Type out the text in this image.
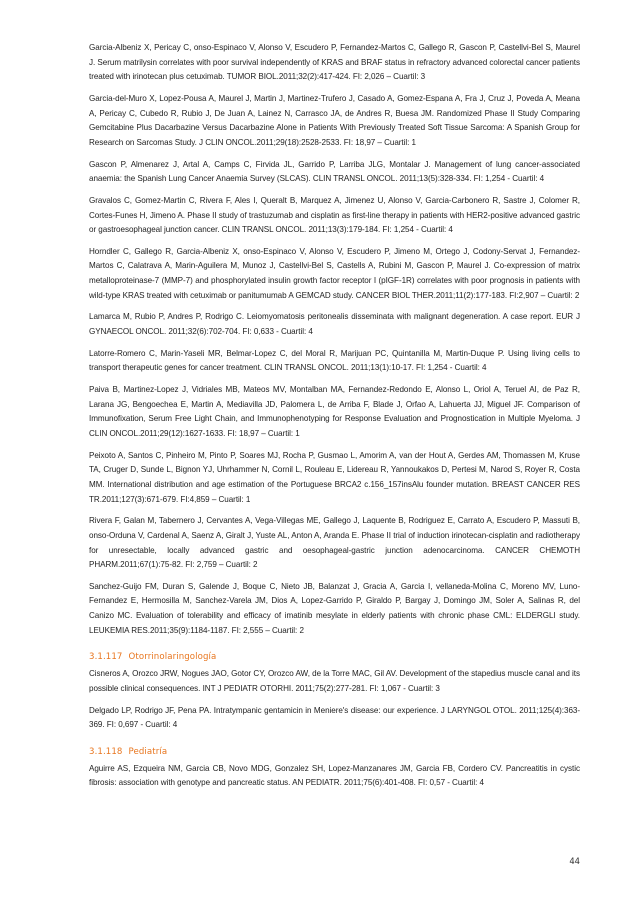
Garcia-Albeniz X, Pericay C, onso-Espinaco V, Alonso V, Escudero P, Fernandez-Martos C, Gallego R, Gascon P, Castellvi-Bel S, Maurel J. Serum matrilysin correlates with poor survival independently of KRAS and BRAF status in refractory advanced colorectal cancer patients treated with irinotecan plus cetuximab. TUMOR BIOL.2011;32(2):417-424. FI: 2,026 – Cuartil: 3

Garcia-del-Muro X, Lopez-Pousa A, Maurel J, Martin J, Martinez-Trufero J, Casado A, Gomez-Espana A, Fra J, Cruz J, Poveda A, Meana A, Pericay C, Cubedo R, Rubio J, De Juan A, Lainez N, Carrasco JA, de Andres R, Buesa JM. Randomized Phase II Study Comparing Gemcitabine Plus Dacarbazine Versus Dacarbazine Alone in Patients With Previously Treated Soft Tissue Sarcoma: A Spanish Group for Research on Sarcomas Study. J CLIN ONCOL.2011;29(18):2528-2533. FI: 18,97 – Cuartil: 1

Gascon P, Almenarez J, Artal A, Camps C, Firvida JL, Garrido P, Larriba JLG, Montalar J. Management of lung cancer-associated anaemia: the Spanish Lung Cancer Anaemia Survey (SLCAS). CLIN TRANSL ONCOL. 2011;13(5):328-334. FI: 1,254 - Cuartil: 4

Gravalos C, Gomez-Martin C, Rivera F, Ales I, Queralt B, Marquez A, Jimenez U, Alonso V, Garcia-Carbonero R, Sastre J, Colomer R, Cortes-Funes H, Jimeno A. Phase II study of trastuzumab and cisplatin as first-line therapy in patients with HER2-positive advanced gastric or gastroesophageal junction cancer. CLIN TRANSL ONCOL. 2011;13(3):179-184. FI: 1,254 - Cuartil: 4

Horndler C, Gallego R, Garcia-Albeniz X, onso-Espinaco V, Alonso V, Escudero P, Jimeno M, Ortego J, Codony-Servat J, Fernandez-Martos C, Calatrava A, Marin-Aguilera M, Munoz J, Castellvi-Bel S, Castells A, Rubini M, Gascon P, Maurel J. Co-expression of matrix metalloproteinase-7 (MMP-7) and phosphorylated insulin growth factor receptor I (pIGF-1R) correlates with poor prognosis in patients with wild-type KRAS treated with cetuximab or panitumumab A GEMCAD study. CANCER BIOL THER.2011;11(2):177-183. FI:2,907 – Cuartil: 2

Lamarca M, Rubio P, Andres P, Rodrigo C. Leiomyomatosis peritonealis disseminata with malignant degeneration. A case report. EUR J GYNAECOL ONCOL. 2011;32(6):702-704. FI: 0,633 - Cuartil: 4

Latorre-Romero C, Marin-Yaseli MR, Belmar-Lopez C, del Moral R, Marijuan PC, Quintanilla M, Martin-Duque P. Using living cells to transport therapeutic genes for cancer treatment. CLIN TRANSL ONCOL. 2011;13(1):10-17. FI: 1,254 - Cuartil: 4

Paiva B, Martinez-Lopez J, Vidriales MB, Mateos MV, Montalban MA, Fernandez-Redondo E, Alonso L, Oriol A, Teruel AI, de Paz R, Larana JG, Bengoechea E, Martin A, Mediavilla JD, Palomera L, de Arriba F, Blade J, Orfao A, Lahuerta JJ, Miguel JF. Comparison of Immunofixation, Serum Free Light Chain, and Immunophenotyping for Response Evaluation and Prognostication in Multiple Myeloma. J CLIN ONCOL.2011;29(12):1627-1633. FI: 18,97 – Cuartil: 1

Peixoto A, Santos C, Pinheiro M, Pinto P, Soares MJ, Rocha P, Gusmao L, Amorim A, van der Hout A, Gerdes AM, Thomassen M, Kruse TA, Cruger D, Sunde L, Bignon YJ, Uhrhammer N, Cornil L, Rouleau E, Lidereau R, Yannoukakos D, Pertesi M, Narod S, Royer R, Costa MM. International distribution and age estimation of the Portuguese BRCA2 c.156_157insAlu founder mutation. BREAST CANCER RES TR.2011;127(3):671-679. FI:4,859 – Cuartil: 1

Rivera F, Galan M, Tabernero J, Cervantes A, Vega-Villegas ME, Gallego J, Laquente B, Rodriguez E, Carrato A, Escudero P, Massuti B, onso-Orduna V, Cardenal A, Saenz A, Giralt J, Yuste AL, Anton A, Aranda E. Phase II trial of induction irinotecan-cisplatin and radiotherapy for unresectable, locally advanced gastric and oesophageal-gastric junction adenocarcinoma. CANCER CHEMOTH PHARM.2011;67(1):75-82. FI: 2,759 – Cuartil: 2

Sanchez-Guijo FM, Duran S, Galende J, Boque C, Nieto JB, Balanzat J, Gracia A, Garcia I, vellaneda-Molina C, Moreno MV, Luno-Fernandez E, Hermosilla M, Sanchez-Varela JM, Dios A, Lopez-Garrido P, Giraldo P, Bargay J, Domingo JM, Soler A, Salinas R, del Canizo MC. Evaluation of tolerability and efficacy of imatinib mesylate in elderly patients with chronic phase CML: ELDERGLI study. LEUKEMIA RES.2011;35(9):1184-1187. FI: 2,555 – Cuartil: 2

3.1.117 Otorrinolaringología

Cisneros A, Orozco JRW, Nogues JAO, Gotor CY, Orozco AW, de la Torre MAC, Gil AV. Development of the stapedius muscle canal and its possible clinical consequences. INT J PEDIATR OTORHI. 2011;75(2):277-281. FI: 1,067 - Cuartil: 3

Delgado LP, Rodrigo JF, Pena PA. Intratympanic gentamicin in Meniere's disease: our experience. J LARYNGOL OTOL. 2011;125(4):363-369. FI: 0,697 - Cuartil: 4

3.1.118 Pediatría

Aguirre AS, Ezqueira NM, Garcia CB, Novo MDG, Gonzalez SH, Lopez-Manzanares JM, Garcia FB, Cordero CV. Pancreatitis in cystic fibrosis: association with genotype and pancreatic status. AN PEDIATR. 2011;75(6):401-408. FI: 0,57 - Cuartil: 4

44
